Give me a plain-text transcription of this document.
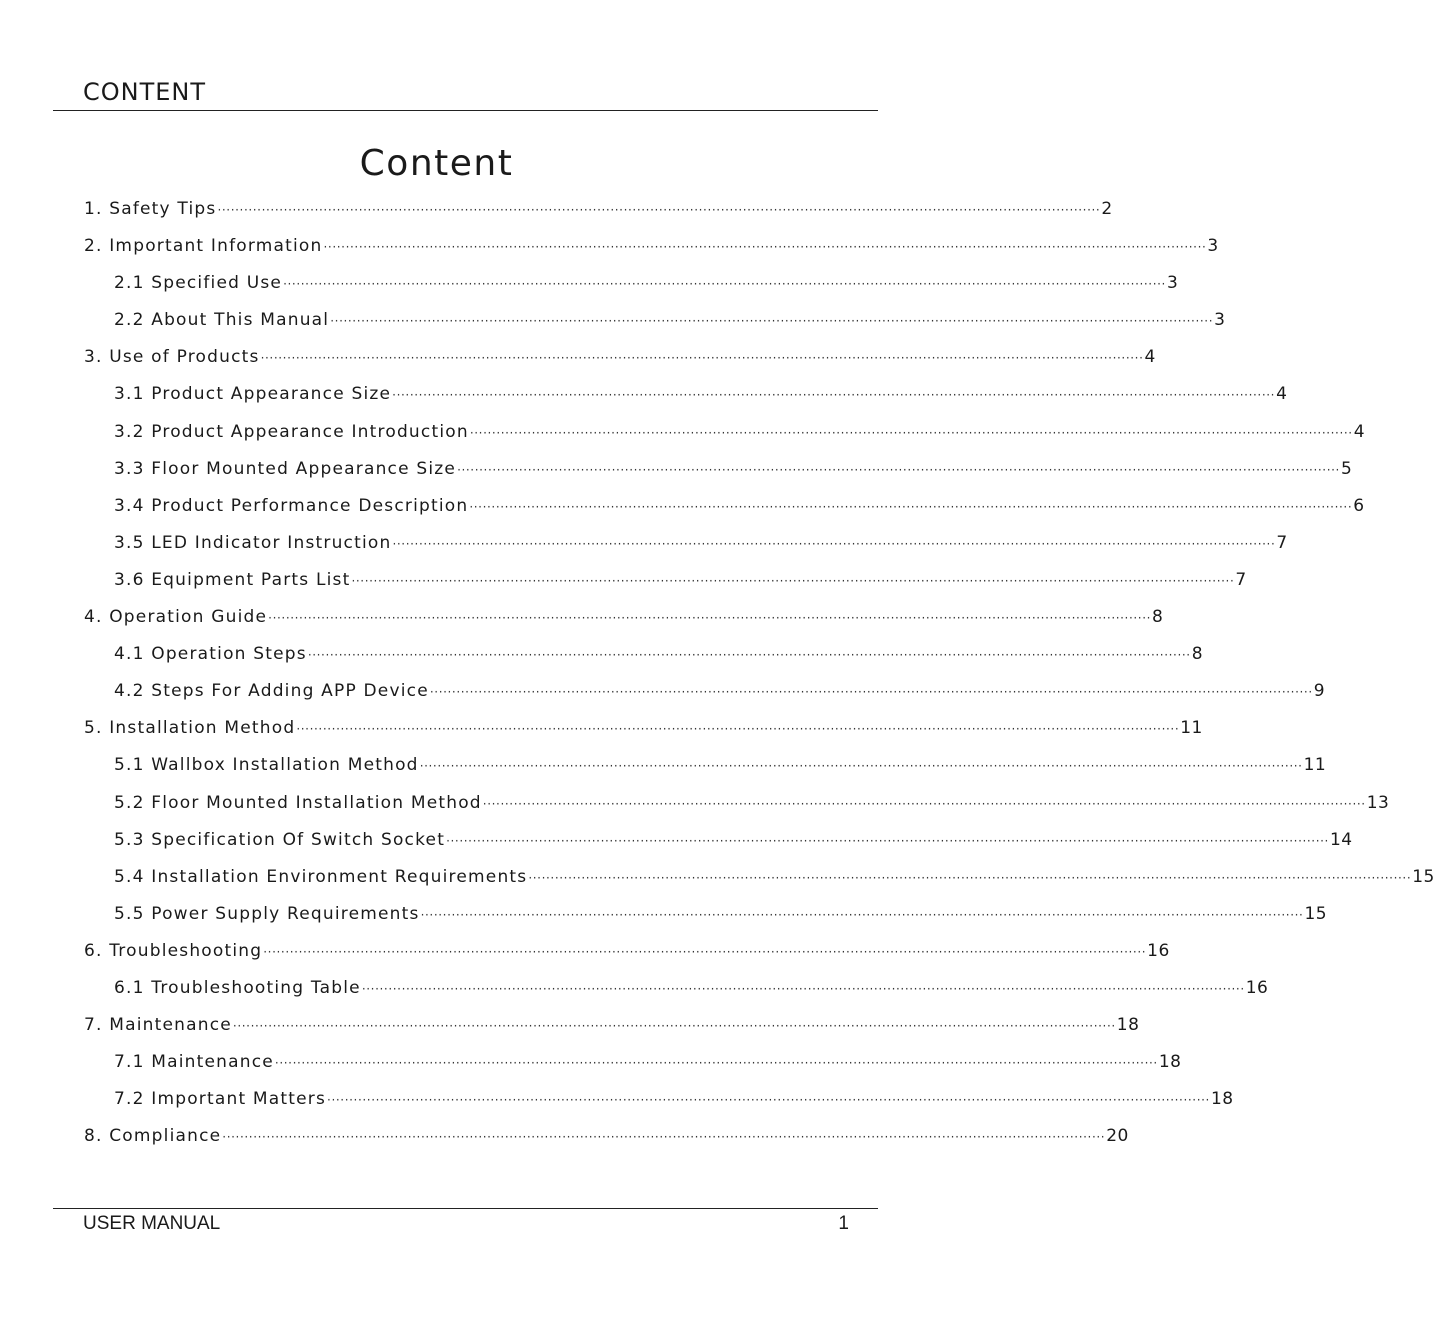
CONTENT
Content
1. Safety Tips ········································································································································································································ 2
2. Important Information ········································································································································································································ 3
2.1 Specified Use ········································································································································································································ 3
2.2 About This Manual ········································································································································································································ 3
3. Use of Products ········································································································································································································ 4
3.1 Product Appearance Size ········································································································································································································ 4
3.2 Product Appearance Introduction ········································································································································································································ 4
3.3 Floor Mounted Appearance Size ········································································································································································································ 5
3.4 Product Performance Description ········································································································································································································ 6
3.5 LED Indicator Instruction ········································································································································································································ 7
3.6 Equipment Parts List ········································································································································································································ 7
4. Operation Guide ········································································································································································································ 8
4.1 Operation Steps ········································································································································································································ 8
4.2 Steps For Adding APP Device ········································································································································································································ 9
5. Installation Method ········································································································································································································ 11
5.1 Wallbox Installation Method ········································································································································································································ 11
5.2 Floor Mounted Installation Method ········································································································································································································ 13
5.3 Specification Of Switch Socket ········································································································································································································ 14
5.4 Installation Environment Requirements ········································································································································································································ 15
5.5 Power Supply Requirements ········································································································································································································ 15
6. Troubleshooting ········································································································································································································ 16
6.1 Troubleshooting Table ········································································································································································································ 16
7. Maintenance ········································································································································································································ 18
7.1 Maintenance ········································································································································································································ 18
7.2 Important Matters ········································································································································································································ 18
8. Compliance ········································································································································································································ 20
USER MANUAL	1
